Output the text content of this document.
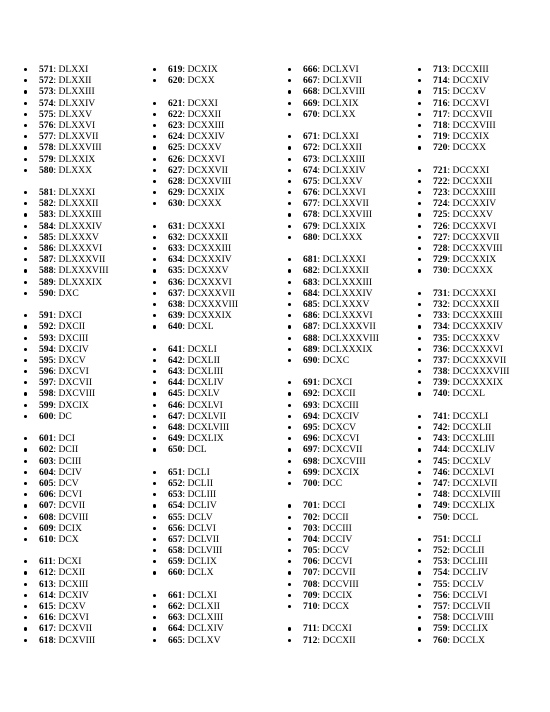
571: DLXXI
572: DLXXII
573: DLXXIII
574: DLXXIV
575: DLXXV
576: DLXXVI
577: DLXXVII
578: DLXXVIII
579: DLXXIX
580: DLXXX
581: DLXXXI
582: DLXXXII
583: DLXXXIII
584: DLXXXIV
585: DLXXXV
586: DLXXXVI
587: DLXXXVII
588: DLXXXVIII
589: DLXXXIX
590: DXC
591: DXCI
592: DXCII
593: DXCIII
594: DXCIV
595: DXCV
596: DXCVI
597: DXCVII
598: DXCVIII
599: DXCIX
600: DC
601: DCI
602: DCII
603: DCIII
604: DCIV
605: DCV
606: DCVI
607: DCVII
608: DCVIII
609: DCIX
610: DCX
611: DCXI
612: DCXII
613: DCXIII
614: DCXIV
615: DCXV
616: DCXVI
617: DCXVII
618: DCXVIII
619: DCXIX
620: DCXX
621: DCXXI
622: DCXXII
623: DCXXIII
624: DCXXIV
625: DCXXV
626: DCXXVI
627: DCXXVII
628: DCXXVIII
629: DCXXIX
630: DCXXX
631: DCXXXI
632: DCXXXII
633: DCXXXIII
634: DCXXXIV
635: DCXXXV
636: DCXXXVI
637: DCXXXVII
638: DCXXXVIII
639: DCXXXIX
640: DCXL
641: DCXLI
642: DCXLII
643: DCXLIII
644: DCXLIV
645: DCXLV
646: DCXLVI
647: DCXLVII
648: DCXLVIII
649: DCXLIX
650: DCL
651: DCLI
652: DCLII
653: DCLIII
654: DCLIV
655: DCLV
656: DCLVI
657: DCLVII
658: DCLVIII
659: DCLIX
660: DCLX
661: DCLXI
662: DCLXII
663: DCLXIII
664: DCLXIV
665: DCLXV
666: DCLXVI
667: DCLXVII
668: DCLXVIII
669: DCLXIX
670: DCLXX
671: DCLXXI
672: DCLXXII
673: DCLXXIII
674: DCLXXIV
675: DCLXXV
676: DCLXXVI
677: DCLXXVII
678: DCLXXVIII
679: DCLXXIX
680: DCLXXX
681: DCLXXXI
682: DCLXXXII
683: DCLXXXIII
684: DCLXXXIV
685: DCLXXXV
686: DCLXXXVI
687: DCLXXXVII
688: DCLXXXVIII
689: DCLXXXIX
690: DCXC
691: DCXCI
692: DCXCII
693: DCXCIII
694: DCXCIV
695: DCXCV
696: DCXCVI
697: DCXCVII
698: DCXCVIII
699: DCXCIX
700: DCC
701: DCCI
702: DCCII
703: DCCIII
704: DCCIV
705: DCCV
706: DCCVI
707: DCCVII
708: DCCVIII
709: DCCIX
710: DCCX
711: DCCXI
712: DCCXII
713: DCCXIII
714: DCCXIV
715: DCCXV
716: DCCXVI
717: DCCXVII
718: DCCXVIII
719: DCCXIX
720: DCCXX
721: DCCXXI
722: DCCXXII
723: DCCXXIII
724: DCCXXIV
725: DCCXXV
726: DCCXXVI
727: DCCXXVII
728: DCCXXVIII
729: DCCXXIX
730: DCCXXX
731: DCCXXXI
732: DCCXXXII
733: DCCXXXIII
734: DCCXXXIV
735: DCCXXXV
736: DCCXXXVI
737: DCCXXXVII
738: DCCXXXVIII
739: DCCXXXIX
740: DCCXL
741: DCCXLI
742: DCCXLII
743: DCCXLIII
744: DCCXLIV
745: DCCXLV
746: DCCXLVI
747: DCCXLVII
748: DCCXLVIII
749: DCCXLIX
750: DCCL
751: DCCLI
752: DCCLII
753: DCCLIII
754: DCCLIV
755: DCCLV
756: DCCLVI
757: DCCLVII
758: DCCLVIII
759: DCCLIX
760: DCCLX
